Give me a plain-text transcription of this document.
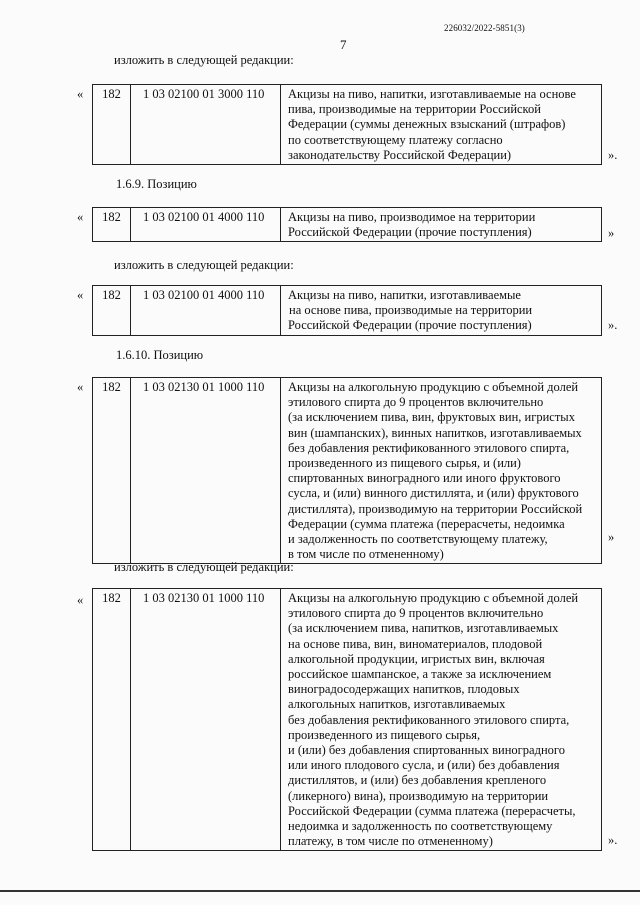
226032/2022-5851(3)
7
изложить в следующей редакции:
«	182	1 03 02100 01 3000 110	Акцизы на пиво, напитки, изготавливаемые на основе
пива, производимые на территории Российской
Федерации (суммы денежных взысканий (штрафов)
по соответствующему платежу согласно
законодательству Российской Федерации)	».
1.6.9. Позицию
«	182	1 03 02100 01 4000 110	Акцизы на пиво, производимое на территории
Российской Федерации (прочие поступления)	»
изложить в следующей редакции:
«	182	1 03 02100 01 4000 110	Акцизы на пиво, напитки, изготавливаемые
на основе пива, производимые на территории
Российской Федерации (прочие поступления)	».
1.6.10. Позицию
«	182	1 03 02130 01 1000 110	Акцизы на алкогольную продукцию с объемной долей
этилового спирта до 9 процентов включительно
(за исключением пива, вин, фруктовых вин, игристых
вин (шампанских), винных напитков, изготавливаемых
без добавления ректификованного этилового спирта,
произведенного из пищевого сырья, и (или)
спиртованных виноградного или иного фруктового
сусла, и (или) винного дистиллята, и (или) фруктового
дистиллята), производимую на территории Российской
Федерации (сумма платежа (перерасчеты, недоимка
и задолженность по соответствующему платежу,
в том числе по отмененному)
»
изложить в следующей редакции:
«	182	1 03 02130 01 1000 110	Акцизы на алкогольную продукцию с объемной долей
этилового спирта до 9 процентов включительно
(за исключением пива, напитков, изготавливаемых
на основе пива, вин, виноматериалов, плодовой
алкогольной продукции, игристых вин, включая
российское шампанское, а также за исключением
виноградосодержащих напитков, плодовых
алкогольных напитков, изготавливаемых
без добавления ректификованного этилового спирта,
произведенного из пищевого сырья,
и (или) без добавления спиртованных виноградного
или иного плодового сусла, и (или) без добавления
дистиллятов, и (или) без добавления крепленого
(ликерного) вина), производимую на территории
Российской Федерации (сумма платежа (перерасчеты,
недоимка и задолженность по соответствующему
платежу, в том числе по отмененному)	».
